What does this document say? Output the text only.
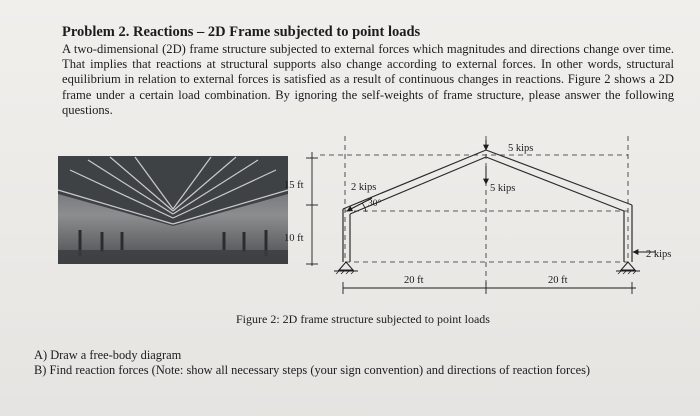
Problem 2. Reactions – 2D Frame subjected to point loads
A two-dimensional (2D) frame structure subjected to external forces which magnitudes and directions change over time. That implies that reactions at structural supports also change according to external forces. In other words, structural equilibrium in relation to external forces is satisfied as a result of continuous changes in reactions. Figure 2 shows a 2D frame under a certain load combination. By ignoring the self-weights of frame structure, please answer the following questions.
15 ft
10 ft
2 kips
30°
5 kips
5 kips
2 kips
20 ft	20 ft
Figure 2: 2D frame structure subjected to point loads
A) Draw a free-body diagram
B) Find reaction forces (Note: show all necessary steps (your sign convention) and directions of reaction forces)
